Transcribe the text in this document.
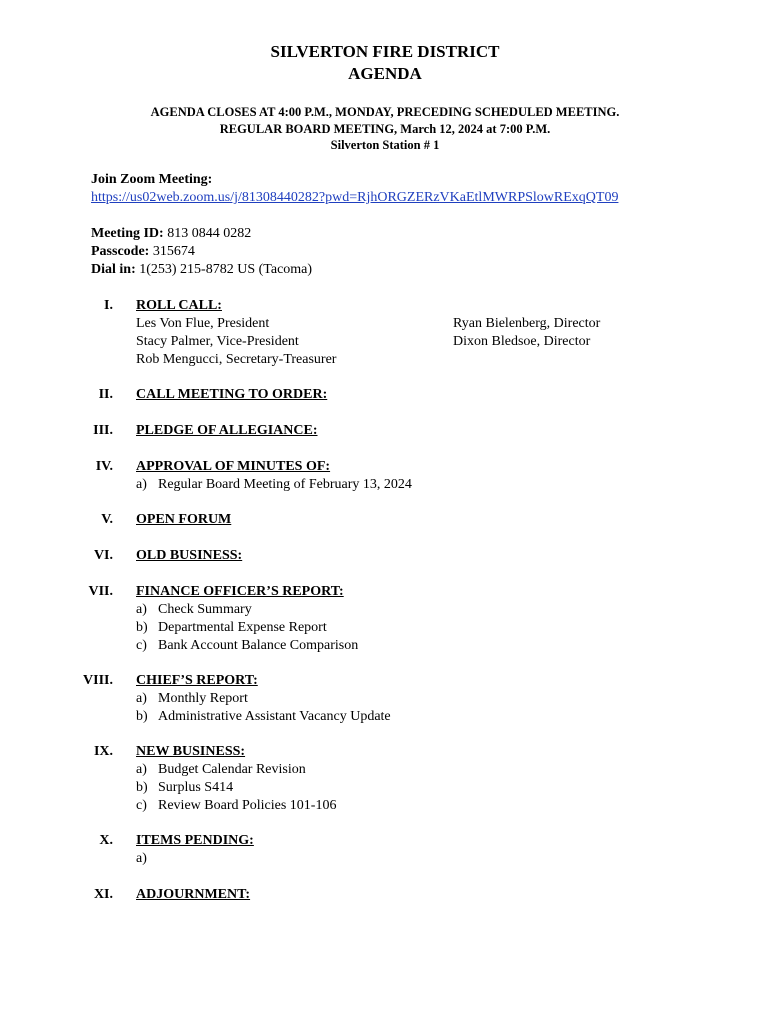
SILVERTON FIRE DISTRICT
AGENDA
AGENDA CLOSES AT 4:00 P.M., MONDAY, PRECEDING SCHEDULED MEETING.
REGULAR BOARD MEETING, March 12, 2024 at 7:00 P.M.
Silverton Station # 1
Join Zoom Meeting:
https://us02web.zoom.us/j/81308440282?pwd=RjhORGZERzVKaEtlMWRPSlowRExqQT09
Meeting ID: 813 0844 0282
Passcode: 315674
Dial in: 1(253) 215-8782 US (Tacoma)
I. ROLL CALL:
Les Von Flue, President
Stacy Palmer, Vice-President
Rob Mengucci, Secretary-Treasurer
Ryan Bielenberg, Director
Dixon Bledsoe, Director
II. CALL MEETING TO ORDER:
III. PLEDGE OF ALLEGIANCE:
IV. APPROVAL OF MINUTES OF:
a) Regular Board Meeting of February 13, 2024
V. OPEN FORUM
VI. OLD BUSINESS:
VII. FINANCE OFFICER’S REPORT:
a) Check Summary
b) Departmental Expense Report
c) Bank Account Balance Comparison
VIII. CHIEF’S REPORT:
a) Monthly Report
b) Administrative Assistant Vacancy Update
IX. NEW BUSINESS:
a) Budget Calendar Revision
b) Surplus S414
c) Review Board Policies 101-106
X. ITEMS PENDING:
a)
XI. ADJOURNMENT:
